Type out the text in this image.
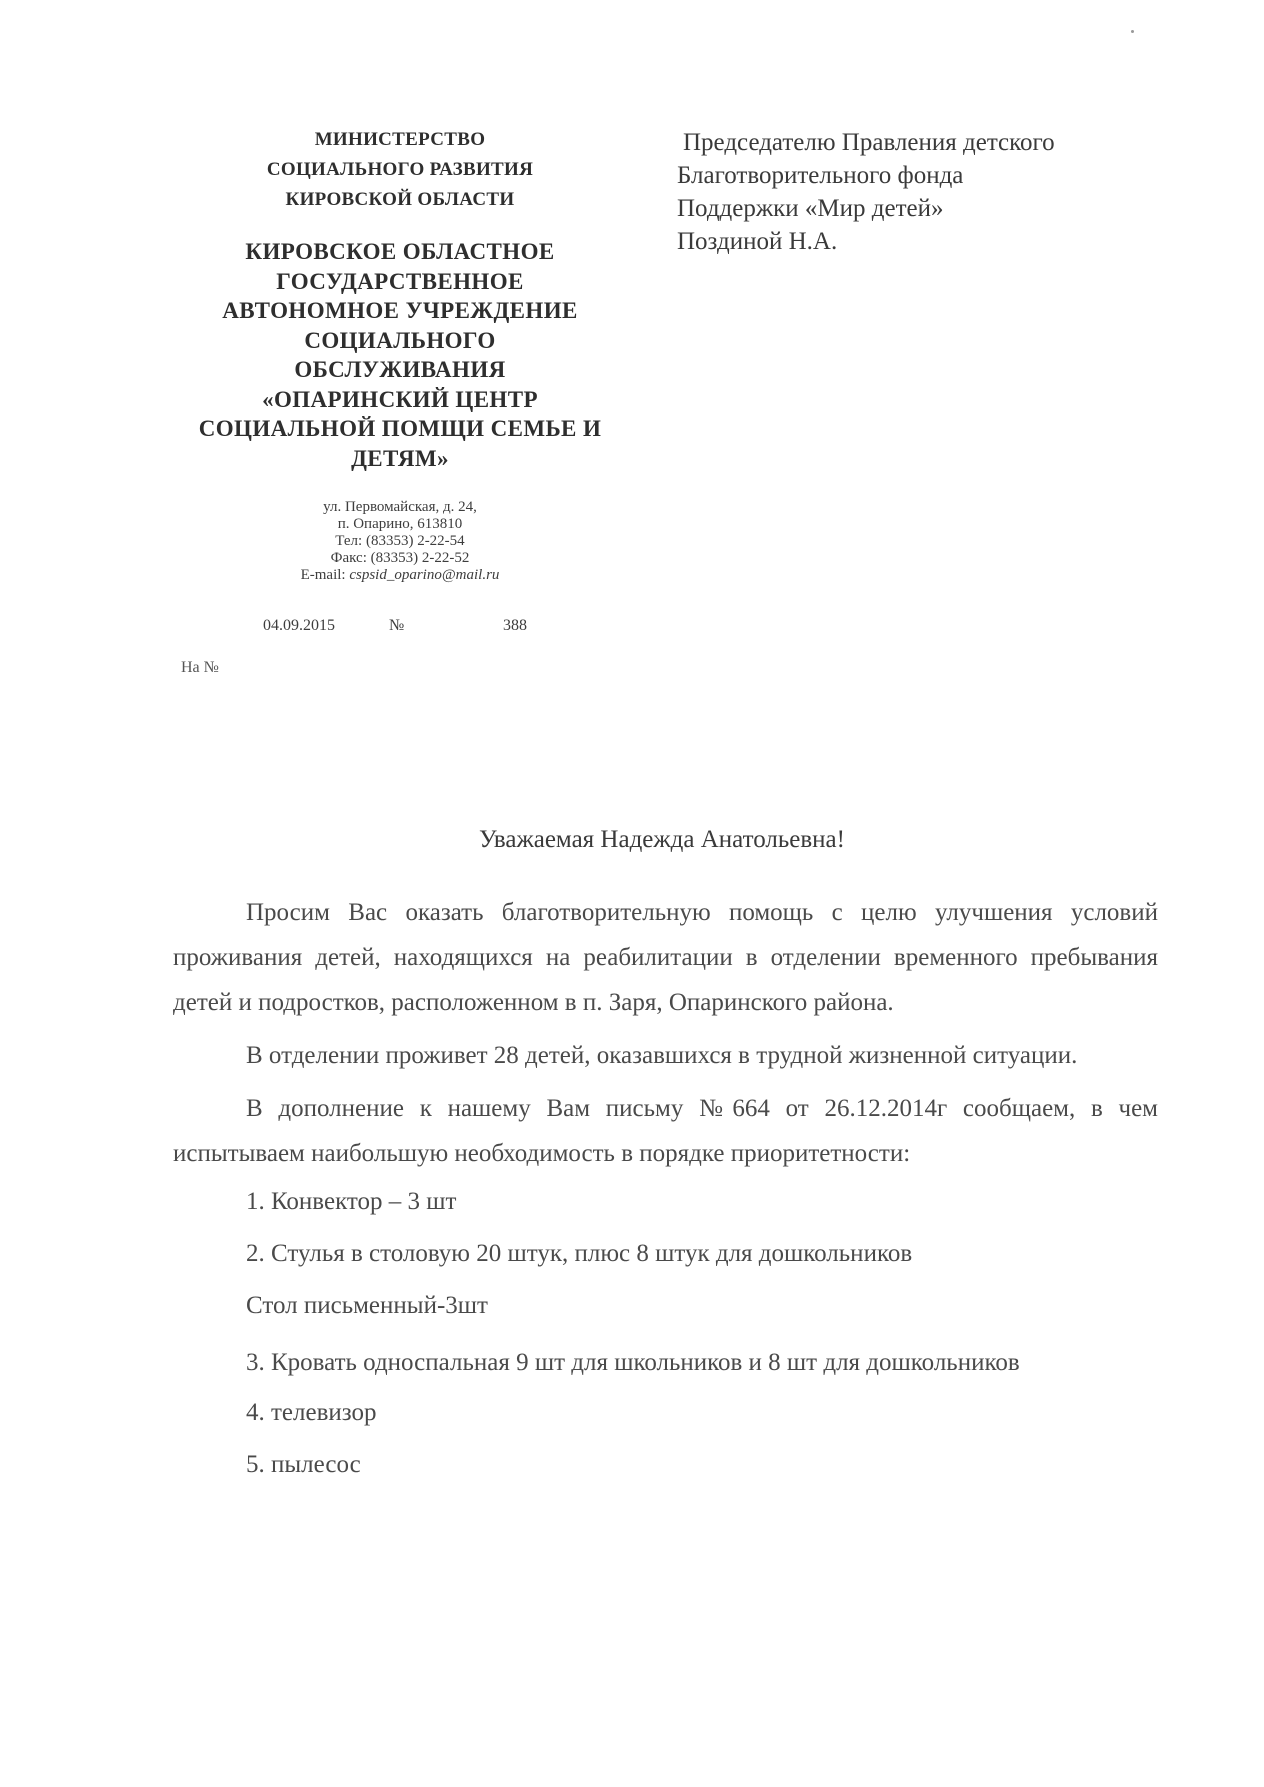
МИНИСТЕРСТВО
СОЦИАЛЬНОГО РАЗВИТИЯ
КИРОВСКОЙ ОБЛАСТИ
КИРОВСКОЕ ОБЛАСТНОЕ
ГОСУДАРСТВЕННОЕ
АВТОНОМНОЕ УЧРЕЖДЕНИЕ
СОЦИАЛЬНОГО
ОБСЛУЖИВАНИЯ
«ОПАРИНСКИЙ ЦЕНТР
СОЦИАЛЬНОЙ ПОМЩИ СЕМЬЕ И
ДЕТЯМ»
ул. Первомайская, д. 24,
п. Опарино, 613810
Тел: (83353) 2-22-54
Факс: (83353) 2-22-52
E-mail: cspsid_oparino@mail.ru
04.09.2015	№	388
На №
Председателю Правления детского
Благотворительного фонда
Поддержки «Мир детей»
Поздиной Н.А.
Уважаемая Надежда Анатольевна!

Просим Вас оказать благотворительную помощь с целю улучшения условий проживания детей, находящихся на реабилитации в отделении временного пребывания детей и подростков, расположенном в п. Заря, Опаринского района.

В отделении проживет 28 детей, оказавшихся в трудной жизненной ситуации.

В дополнение к нашему Вам письму №664 от 26.12.2014г сообщаем, в чем испытываем наибольшую необходимость в порядке приоритетности:

1. Конвектор – 3 шт

2. Стулья в столовую 20 штук, плюс 8 штук для дошкольников

Стол письменный-3шт

3. Кровать односпальная 9 шт для школьников и 8 шт для дошкольников

4. телевизор

5. пылесос
